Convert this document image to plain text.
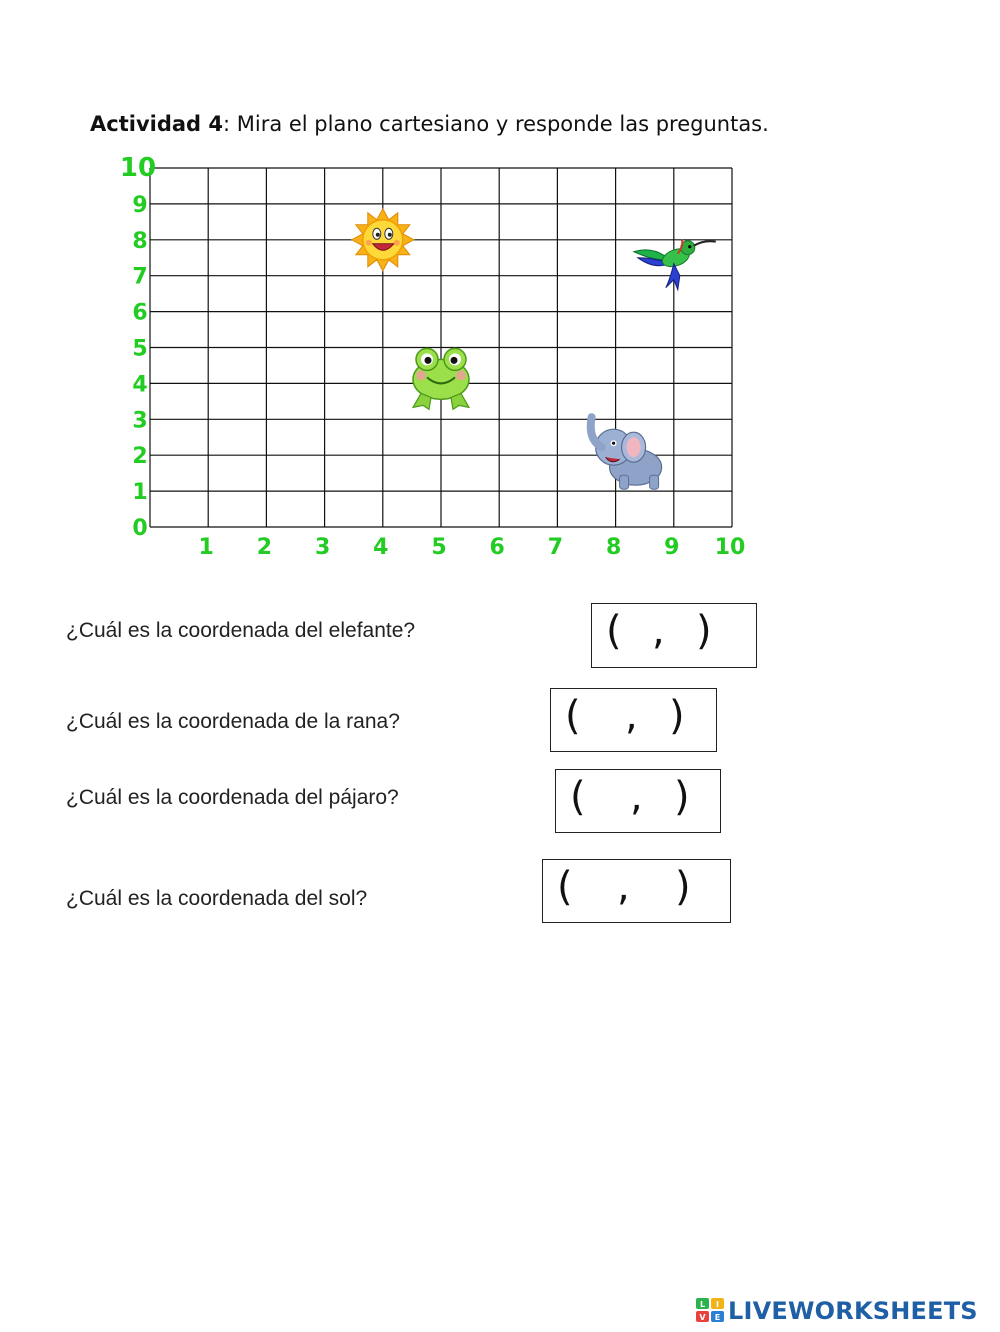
Actividad 4: Mira el plano cartesiano y responde las preguntas.
1 2 3 4 5 6 7 8 9 10
0
1
2
3
4
5
6
7
8
9
10
¿Cuál es la coordenada del elefante?	( , )
¿Cuál es la coordenada de la rana?	( , )
¿Cuál es la coordenada del pájaro?	( , )
¿Cuál es la coordenada del sol?	( , )
L I
V E LIVEWORKSHEETS
